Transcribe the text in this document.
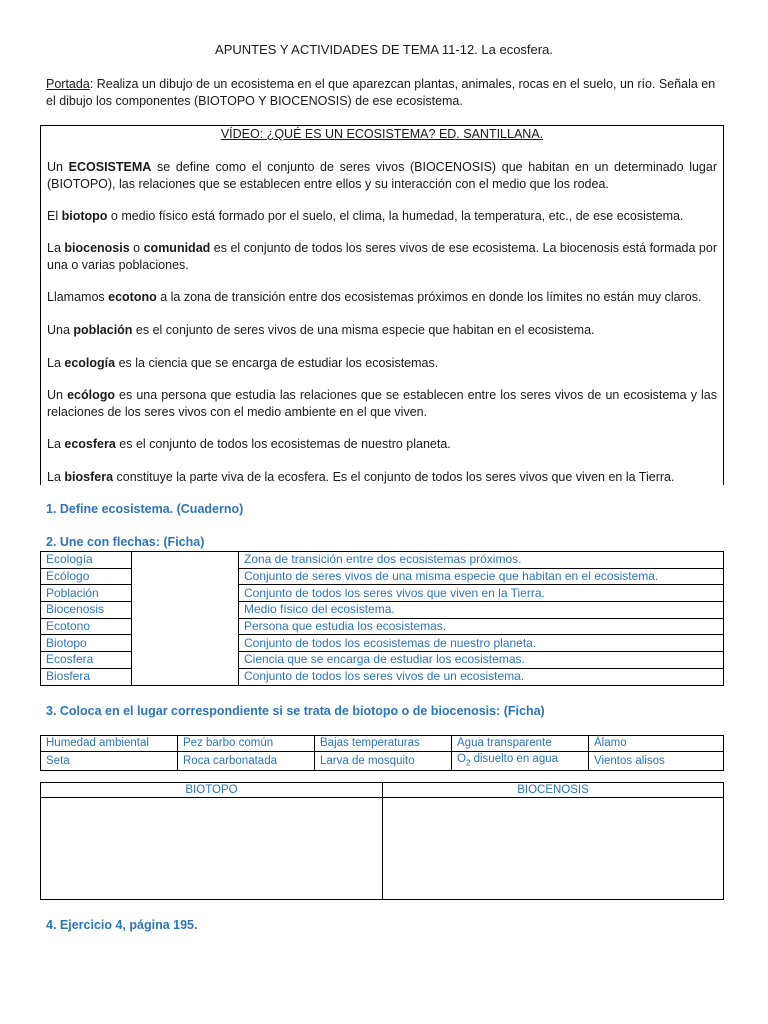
APUNTES Y ACTIVIDADES DE TEMA 11-12. La ecosfera.
Portada: Realiza un dibujo de un ecosistema en el que aparezcan plantas, animales, rocas en el suelo, un río. Señala en el dibujo los componentes (BIOTOPO Y BIOCENOSIS) de ese ecosistema.
VÍDEO: ¿QUÉ ES UN ECOSISTEMA? ED. SANTILLANA.

Un ECOSISTEMA se define como el conjunto de seres vivos (BIOCENOSIS) que habitan en un determinado lugar (BIOTOPO), las relaciones que se establecen entre ellos y su interacción con el medio que los rodea.

El biotopo o medio físico está formado por el suelo, el clima, la humedad, la temperatura, etc., de ese ecosistema.

La biocenosis o comunidad es el conjunto de todos los seres vivos de ese ecosistema. La biocenosis está formada por una o varias poblaciones.

Llamamos ecotono a la zona de transición entre dos ecosistemas próximos en donde los límites no están muy claros.

Una población es el conjunto de seres vivos de una misma especie que habitan en el ecosistema.

La ecología es la ciencia que se encarga de estudiar los ecosistemas.

Un ecólogo es una persona que estudia las relaciones que se establecen entre los seres vivos de un ecosistema y las relaciones de los seres vivos con el medio ambiente en el que viven.

La ecosfera es el conjunto de todos los ecosistemas de nuestro planeta.

La biosfera constituye la parte viva de la ecosfera. Es el conjunto de todos los seres vivos que viven en la Tierra.

1. Define ecosistema. (Cuaderno)
2. Une con flechas: (Ficha)
Ecología		Zona de transición entre dos ecosistemas próximos.
Ecólogo		Conjunto de seres vivos de una misma especie que habitan en el ecosistema.
Población		Conjunto de todos los seres vivos que viven en la Tierra.
Biocenosis		Medio físico del ecosistema.
Ecotono		Persona que estudia los ecosistemas.
Biotopo		Conjunto de todos los ecosistemas de nuestro planeta.
Ecosfera		Ciencia que se encarga de estudiar los ecosistemas.
Biosfera		Conjunto de todos los seres vivos de un ecosistema.
3. Coloca en el lugar correspondiente si se trata de biotopo o de biocenosis: (Ficha)
Humedad ambiental	Pez barbo común	Bajas temperaturas	Agua transparente	Álamo
Seta	Roca carbonatada	Larva de mosquito	$O_2$ disuelto en agua	Vientos alisos
BIOTOPO	BIOCENOSIS

4. Ejercicio 4, página 195.
